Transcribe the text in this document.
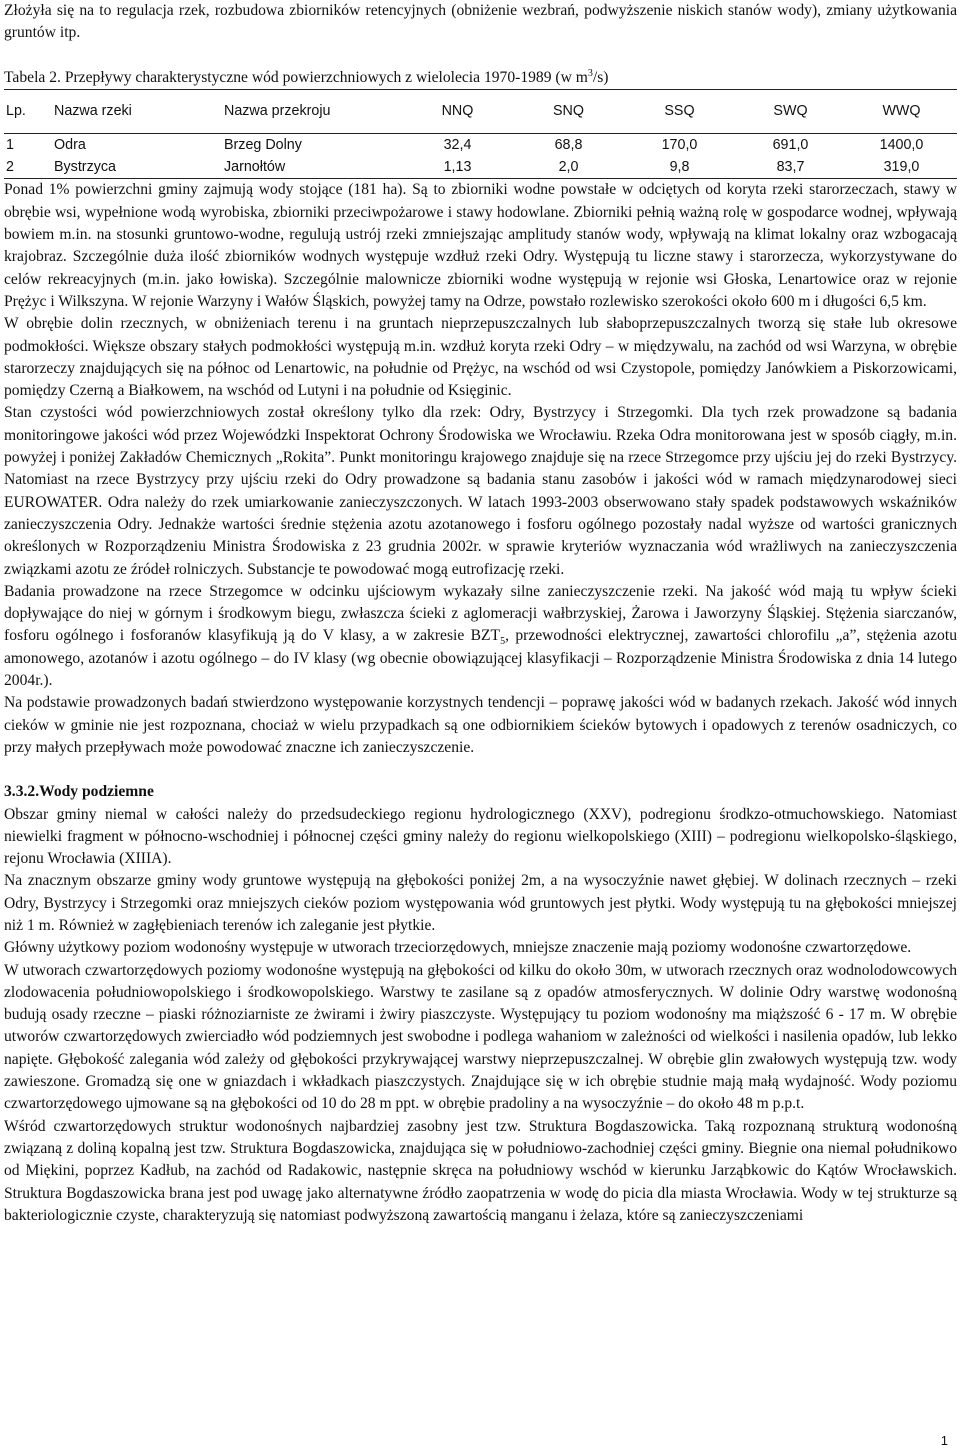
Złożyła się na to regulacja rzek, rozbudowa zbiorników retencyjnych (obniżenie wezbrań, podwyższenie niskich stanów wody), zmiany użytkowania gruntów itp.

Tabela 2. Przepływy charakterystyczne wód powierzchniowych z wielolecia 1970-1989 (w $m^3/s$)

Lp.	Nazwa rzeki	Nazwa przekroju	NNQ	SNQ	SSQ	SWQ	WWQ
1	Odra	Brzeg Dolny	32,4	68,8	170,0	691,0	1400,0
2	Bystrzyca	Jarnołtów	1,13	2,0	9,8	83,7	319,0

Ponad 1% powierzchni gminy zajmują wody stojące (181 ha). Są to zbiorniki wodne powstałe w odciętych od koryta rzeki starorzeczach, stawy w obrębie wsi, wypełnione wodą wyrobiska, zbiorniki przeciwpożarowe i stawy hodowlane. Zbiorniki pełnią ważną rolę w gospodarce wodnej, wpływają bowiem m.in. na stosunki gruntowo-wodne, regulują ustrój rzeki zmniejszając amplitudy stanów wody, wpływają na klimat lokalny oraz wzbogacają krajobraz. Szczególnie duża ilość zbiorników wodnych występuje wzdłuż rzeki Odry. Występują tu liczne stawy i starorzecza, wykorzystywane do celów rekreacyjnych (m.in. jako łowiska). Szczególnie malownicze zbiorniki wodne występują w rejonie wsi Głoska, Lenartowice oraz w rejonie Prężyc i Wilkszyna. W rejonie Warzyny i Wałów Śląskich, powyżej tamy na Odrze, powstało rozlewisko szerokości około 600 m i długości 6,5 km.

W obrębie dolin rzecznych, w obniżeniach terenu i na gruntach nieprzepuszczalnych lub słaboprzepuszczalnych tworzą się stałe lub okresowe podmokłości. Większe obszary stałych podmokłości występują m.in. wzdłuż koryta rzeki Odry – w międzywalu, na zachód od wsi Warzyna, w obrębie starorzeczy znajdujących się na północ od Lenartowic, na południe od Prężyc, na wschód od wsi Czystopole, pomiędzy Janówkiem a Piskorzowicami, pomiędzy Czerną a Białkowem, na wschód od Lutyni i na południe od Księginic.

Stan czystości wód powierzchniowych został określony tylko dla rzek: Odry, Bystrzycy i Strzegomki. Dla tych rzek prowadzone są badania monitoringowe jakości wód przez Wojewódzki Inspektorat Ochrony Środowiska we Wrocławiu. Rzeka Odra monitorowana jest w sposób ciągły, m.in. powyżej i poniżej Zakładów Chemicznych „Rokita”. Punkt monitoringu krajowego znajduje się na rzece Strzegomce przy ujściu jej do rzeki Bystrzycy. Natomiast na rzece Bystrzycy przy ujściu rzeki do Odry prowadzone są badania stanu zasobów i jakości wód w ramach międzynarodowej sieci EUROWATER. Odra należy do rzek umiarkowanie zanieczyszczonych. W latach 1993-2003 obserwowano stały spadek podstawowych wskaźników zanieczyszczenia Odry. Jednakże wartości średnie stężenia azotu azotanowego i fosforu ogólnego pozostały nadal wyższe od wartości granicznych określonych w Rozporządzeniu Ministra Środowiska z 23 grudnia 2002r. w sprawie kryteriów wyznaczania wód wrażliwych na zanieczyszczenia związkami azotu ze źródeł rolniczych. Substancje te powodować mogą eutrofizację rzeki.

Badania prowadzone na rzece Strzegomce w odcinku ujściowym wykazały silne zanieczyszczenie rzeki. Na jakość wód mają tu wpływ ścieki dopływające do niej w górnym i środkowym biegu, zwłaszcza ścieki z aglomeracji wałbrzyskiej, Żarowa i Jaworzyny Śląskiej. Stężenia siarczanów, fosforu ogólnego i fosforanów klasyfikują ją do V klasy, a w zakresie $BZT_5$, przewodności elektrycznej, zawartości chlorofilu „a”, stężenia azotu amonowego, azotanów i azotu ogólnego – do IV klasy (wg obecnie obowiązującej klasyfikacji – Rozporządzenie Ministra Środowiska z dnia 14 lutego 2004r.).

Na podstawie prowadzonych badań stwierdzono występowanie korzystnych tendencji – poprawę jakości wód w badanych rzekach. Jakość wód innych cieków w gminie nie jest rozpoznana, chociaż w wielu przypadkach są one odbiornikiem ścieków bytowych i opadowych z terenów osadniczych, co przy małych przepływach może powodować znaczne ich zanieczyszczenie.

3.3.2.Wody podziemne

Obszar gminy niemal w całości należy do przedsudeckiego regionu hydrologicznego (XXV), podregionu środkzo-otmuchowskiego. Natomiast niewielki fragment w północno-wschodniej i północnej części gminy należy do regionu wielkopolskiego (XIII) – podregionu wielkopolsko-śląskiego, rejonu Wrocławia (XIIIA).

Na znacznym obszarze gminy wody gruntowe występują na głębokości poniżej 2m, a na wysoczyźnie nawet głębiej. W dolinach rzecznych – rzeki Odry, Bystrzycy i Strzegomki oraz mniejszych cieków poziom występowania wód gruntowych jest płytki. Wody występują tu na głębokości mniejszej niż 1 m. Również w zagłębieniach terenów ich zaleganie jest płytkie.

Główny użytkowy poziom wodonośny występuje w utworach trzeciorzędowych, mniejsze znaczenie mają poziomy wodonośne czwartorzędowe.

W utworach czwartorzędowych poziomy wodonośne występują na głębokości od kilku do około 30m, w utworach rzecznych oraz wodnolodowcowych zlodowacenia południowopolskiego i środkowopolskiego. Warstwy te zasilane są z opadów atmosferycznych. W dolinie Odry warstwę wodonośną budują osady rzeczne – piaski różnoziarniste ze żwirami i żwiry piaszczyste. Występujący tu poziom wodonośny ma miąższość 6 - 17 m. W obrębie utworów czwartorzędowych zwierciadło wód podziemnych jest swobodne i podlega wahaniom w zależności od wielkości i nasilenia opadów, lub lekko napięte. Głębokość zalegania wód zależy od głębokości przykrywającej warstwy nieprzepuszczalnej. W obrębie glin zwałowych występują tzw. wody zawieszone. Gromadzą się one w gniazdach i wkładkach piaszczystych. Znajdujące się w ich obrębie studnie mają małą wydajność. Wody poziomu czwartorzędowego ujmowane są na głębokości od 10 do 28 m ppt. w obrębie pradoliny a na wysoczyźnie – do około 48 m p.p.t.

Wśród czwartorzędowych struktur wodonośnych najbardziej zasobny jest tzw. Struktura Bogdaszowicka. Taką rozpoznaną strukturą wodonośną związaną z doliną kopalną jest tzw. Struktura Bogdaszowicka, znajdująca się w południowo-zachodniej części gminy. Biegnie ona niemal południkowo od Miękini, poprzez Kadłub, na zachód od Radakowic, następnie skręca na południowy wschód w kierunku Jarząbkowic do Kątów Wrocławskich. Struktura Bogdaszowicka brana jest pod uwagę jako alternatywne źródło zaopatrzenia w wodę do picia dla miasta Wrocławia. Wody w tej strukturze są bakteriologicznie czyste, charakteryzują się natomiast podwyższoną zawartością manganu i żelaza, które są zanieczyszczeniami

1
